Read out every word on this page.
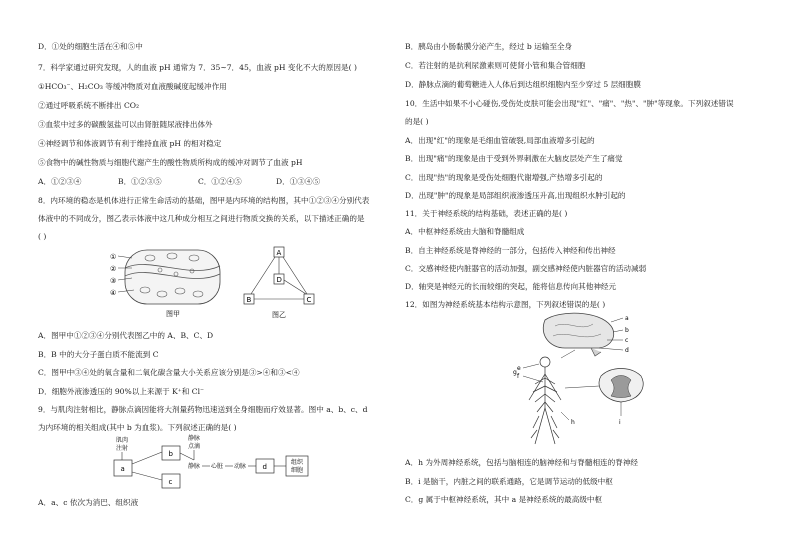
D．①处的细胞生活在④和⑤中
7．科学家通过研究发现，人的血液 pH 通常为 7．35~7．45，血液 pH 变化不大的原因是( )
①HCO₃⁻、H₂CO₃ 等缓冲物质对血液酸碱度起缓冲作用
②通过呼吸系统不断排出 CO₂
③血浆中过多的碳酸氢盐可以由肾脏随尿液排出体外
④神经调节和体液调节有利于维持血液 pH 的相对稳定
⑤食物中的碱性物质与细胞代谢产生的酸性物质所构成的缓冲对调节了血液 pH
A．①②③④	B．①②③⑤	C．①②④⑤	D．①③④⑤
8．内环境的稳态是机体进行正常生命活动的基础，图甲是内环境的结构图，其中①②③④分别代表
体液中的不同成分，图乙表示体液中这几种成分相互之间进行物质交换的关系，以下描述正确的是
( )
①
②
③
④
图甲
A
B	C
D
图乙
A．图甲中①②③④分别代表图乙中的 A、B、C、D
B．B 中的大分子蛋白质不能流到 C
C．图甲中③④处的氧含量和二氧化碳含量大小关系应该分别是③>④和③<④
D．细胞外液渗透压的 90%以上来源于 K⁺和 Cl⁻
9．与肌肉注射相比，静脉点滴因能将大剂量药物迅速送到全身细胞而疗效显著。图中 a、b、c、d
为内环境的相关组成(其中 b 为血浆)。下列叙述正确的是( )
肌肉
注射
a
b
c
静脉
点滴
静脉 心脏 动脉 d
组织
细胞
A．a、c 依次为消巴、组织液
B．胰岛由小肠黏膜分泌产生，经过 b 运输至全身
C．若注射的是抗利尿激素则可使肾小管和集合管细胞
D．静脉点滴的葡萄糖进入人体后到达组织细胞内至少穿过 5 层细胞膜
10．生活中如果不小心碰伤,受伤处皮肤可能会出现"红"、"痛"、"热"、"肿"等现象。下列叙述错误
的是( )
A．出现"红"的现象是毛细血管破裂,局部血液增多引起的
B．出现"痛"的现象是由于受到外界刺激在大脑皮层处产生了痛觉
C．出现"热"的现象是受伤处细胞代谢增强,产热增多引起的
D．出现"肿"的现象是局部组织液渗透压升高,出现组织水肿引起的
11．关于神经系统的结构基础，表述正确的是( )
A．中枢神经系统由大脑和脊髓组成
B．自主神经系统是脊神经的一部分，包括传入神经和传出神经
C．交感神经使内脏器官的活动加强，副交感神经使内脏器官的活动减弱
D．轴突是神经元的长而较细的突起，能将信息传向其他神经元
12．如图为神经系统基本结构示意图，下列叙述错误的是( )
a
b
c
d
e
f
g
h	i
A．h 为外周神经系统，包括与脑相连的脑神经和与脊髓相连的脊神经
B．i 是脑干，内脏之间的联系通路，它是调节运动的低级中枢
C．g 属于中枢神经系统，其中 a 是神经系统的最高级中枢
